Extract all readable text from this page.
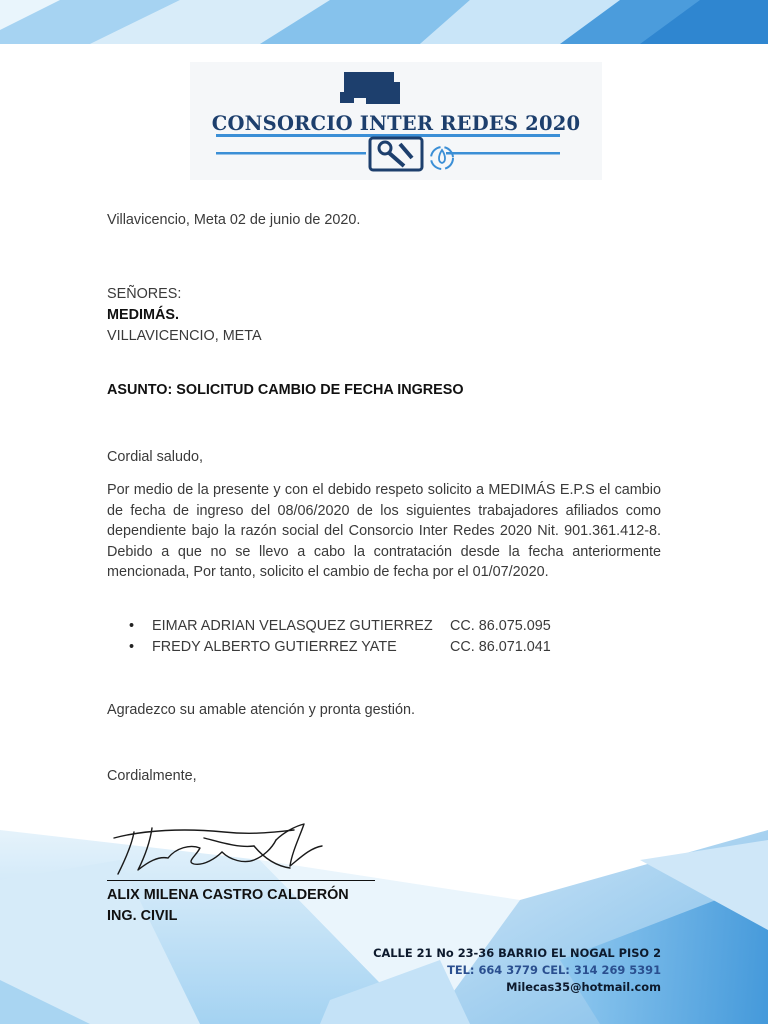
CONSORCIO INTER REDES 2020
Villavicencio, Meta 02 de junio de 2020.
SEÑORES:
MEDIMÁS.
VILLAVICENCIO, META
ASUNTO: SOLICITUD CAMBIO DE FECHA INGRESO
Cordial saludo,
Por medio de la presente y con el debido respeto solicito a MEDIMÁS E.P.S el cambio de fecha de ingreso del 08/06/2020 de los siguientes trabajadores afiliados como dependiente bajo la razón social del Consorcio Inter Redes 2020 Nit. 901.361.412-8. Debido a que no se llevo a cabo la contratación desde la fecha anteriormente mencionada, Por tanto, solicito el cambio de fecha por el 01/07/2020.
• EIMAR ADRIAN VELASQUEZ GUTIERREZ CC. 86.075.095
• FREDY ALBERTO GUTIERREZ YATE	CC. 86.071.041
Agradezco su amable atención y pronta gestión.
Cordialmente,
ALIX MILENA CASTRO CALDERÓN
ING. CIVIL
CALLE 21 No 23-36 BARRIO EL NOGAL PISO 2
TEL: 664 3779 CEL: 314 269 5391
Milecas35@hotmail.com
